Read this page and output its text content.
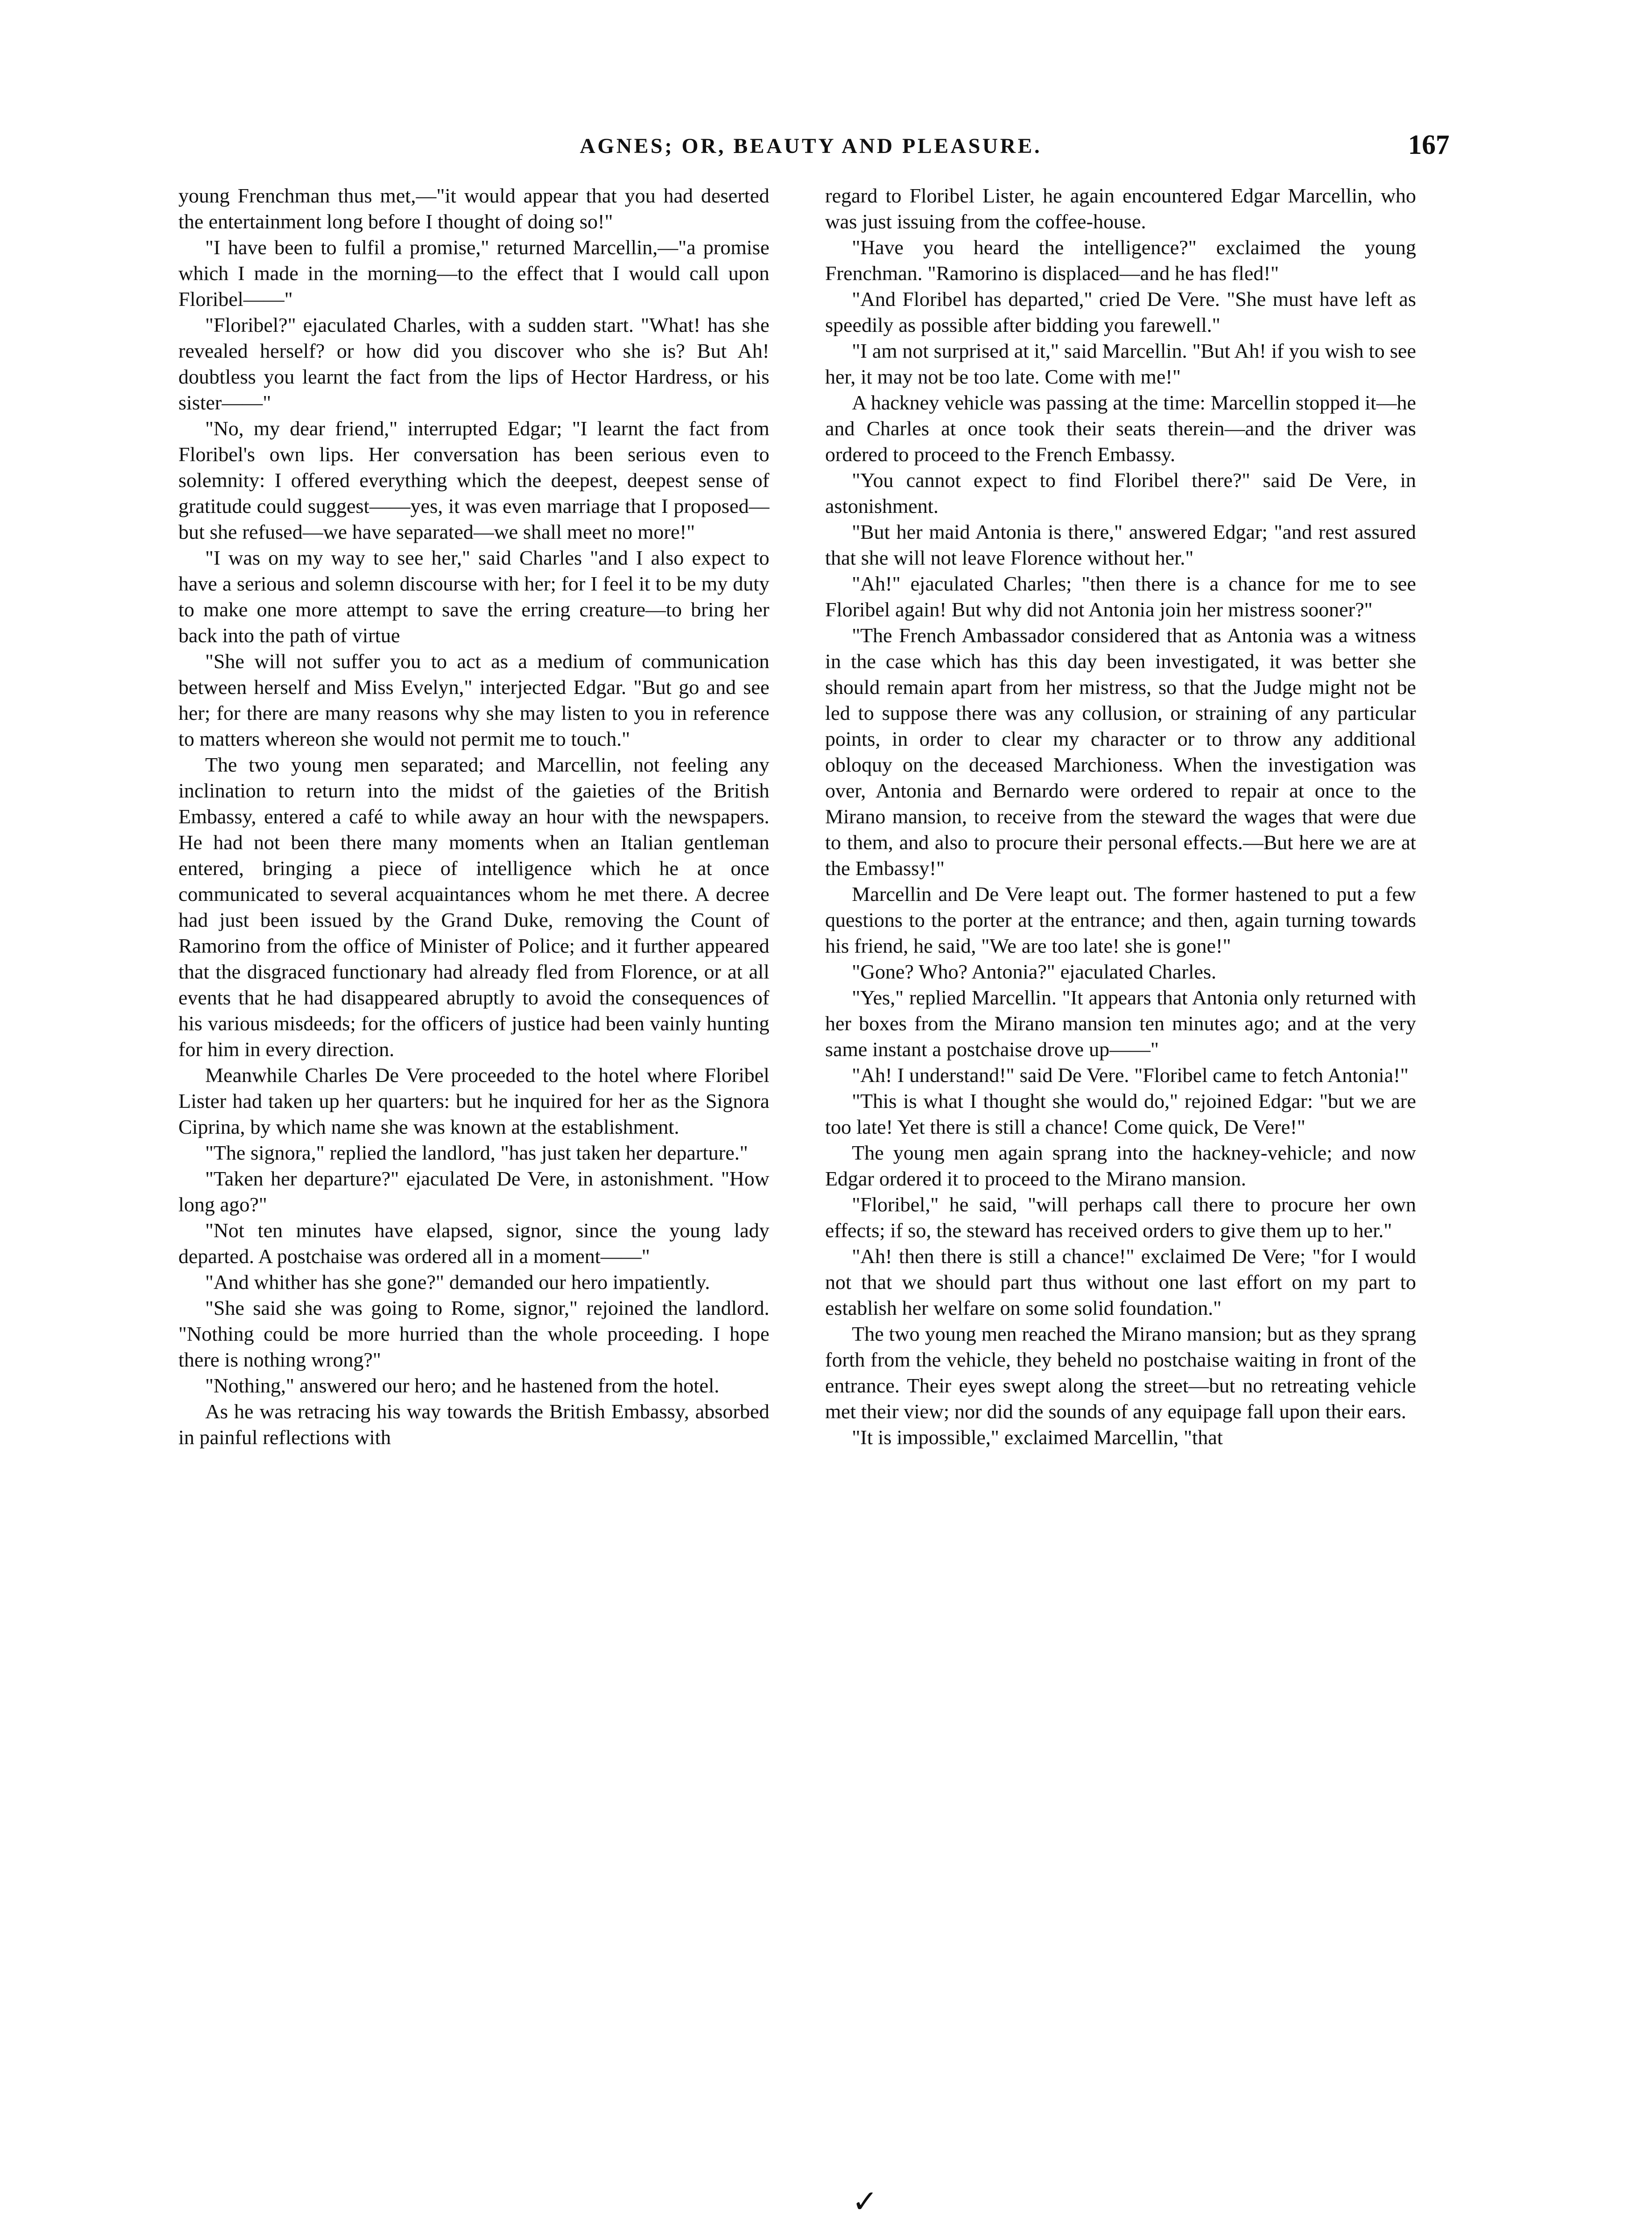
AGNES; OR, BEAUTY AND PLEASURE.	167

young Frenchman thus met,—"it would appear that you had deserted the entertainment long before I thought of doing so!"

"I have been to fulfil a promise," returned Marcellin,—"a promise which I made in the morning—to the effect that I would call upon Floribel——"

"Floribel?" ejaculated Charles, with a sudden start. "What! has she revealed herself? or how did you discover who she is? But Ah! doubtless you learnt the fact from the lips of Hector Hardress, or his sister——"

"No, my dear friend," interrupted Edgar; "I learnt the fact from Floribel's own lips. Her conversation has been serious even to solemnity: I offered everything which the deepest, deepest sense of gratitude could suggest——yes, it was even marriage that I proposed—but she refused—we have separated—we shall meet no more!"

"I was on my way to see her," said Charles "and I also expect to have a serious and solemn discourse with her; for I feel it to be my duty to make one more attempt to save the erring creature—to bring her back into the path of virtue

"She will not suffer you to act as a medium of communication between herself and Miss Evelyn," interjected Edgar. "But go and see her; for there are many reasons why she may listen to you in reference to matters whereon she would not permit me to touch."

The two young men separated; and Marcellin, not feeling any inclination to return into the midst of the gaieties of the British Embassy, entered a café to while away an hour with the newspapers. He had not been there many moments when an Italian gentleman entered, bringing a piece of intelligence which he at once communicated to several acquaintances whom he met there. A decree had just been issued by the Grand Duke, removing the Count of Ramorino from the office of Minister of Police; and it further appeared that the disgraced functionary had already fled from Florence, or at all events that he had disappeared abruptly to avoid the consequences of his various misdeeds; for the officers of justice had been vainly hunting for him in every direction.

Meanwhile Charles De Vere proceeded to the hotel where Floribel Lister had taken up her quarters: but he inquired for her as the Signora Ciprina, by which name she was known at the establishment.

"The signora," replied the landlord, "has just taken her departure."

"Taken her departure?" ejaculated De Vere, in astonishment. "How long ago?"

"Not ten minutes have elapsed, signor, since the young lady departed. A postchaise was ordered all in a moment——"

"And whither has she gone?" demanded our hero impatiently.

"She said she was going to Rome, signor," rejoined the landlord. "Nothing could be more hurried than the whole proceeding. I hope there is nothing wrong?"

"Nothing," answered our hero; and he hastened from the hotel.

As he was retracing his way towards the British Embassy, absorbed in painful reflections with

regard to Floribel Lister, he again encountered Edgar Marcellin, who was just issuing from the coffee-house.

"Have you heard the intelligence?" exclaimed the young Frenchman. "Ramorino is displaced—and he has fled!"

"And Floribel has departed," cried De Vere. "She must have left as speedily as possible after bidding you farewell."

"I am not surprised at it," said Marcellin. "But Ah! if you wish to see her, it may not be too late. Come with me!"

A hackney vehicle was passing at the time: Marcellin stopped it—he and Charles at once took their seats therein—and the driver was ordered to proceed to the French Embassy.

"You cannot expect to find Floribel there?" said De Vere, in astonishment.

"But her maid Antonia is there," answered Edgar; "and rest assured that she will not leave Florence without her."

"Ah!" ejaculated Charles; "then there is a chance for me to see Floribel again! But why did not Antonia join her mistress sooner?"

"The French Ambassador considered that as Antonia was a witness in the case which has this day been investigated, it was better she should remain apart from her mistress, so that the Judge might not be led to suppose there was any collusion, or straining of any particular points, in order to clear my character or to throw any additional obloquy on the deceased Marchioness. When the investigation was over, Antonia and Bernardo were ordered to repair at once to the Mirano mansion, to receive from the steward the wages that were due to them, and also to procure their personal effects.—But here we are at the Embassy!"

Marcellin and De Vere leapt out. The former hastened to put a few questions to the porter at the entrance; and then, again turning towards his friend, he said, "We are too late! she is gone!"

"Gone? Who? Antonia?" ejaculated Charles.

"Yes," replied Marcellin. "It appears that Antonia only returned with her boxes from the Mirano mansion ten minutes ago; and at the very same instant a postchaise drove up——"

"Ah! I understand!" said De Vere. "Floribel came to fetch Antonia!"

"This is what I thought she would do," rejoined Edgar: "but we are too late! Yet there is still a chance! Come quick, De Vere!"

The young men again sprang into the hackney-vehicle; and now Edgar ordered it to proceed to the Mirano mansion.

"Floribel," he said, "will perhaps call there to procure her own effects; if so, the steward has received orders to give them up to her."

"Ah! then there is still a chance!" exclaimed De Vere; "for I would not that we should part thus without one last effort on my part to establish her welfare on some solid foundation."

The two young men reached the Mirano mansion; but as they sprang forth from the vehicle, they beheld no postchaise waiting in front of the entrance. Their eyes swept along the street—but no retreating vehicle met their view; nor did the sounds of any equipage fall upon their ears.

"It is impossible," exclaimed Marcellin, "that

✓
